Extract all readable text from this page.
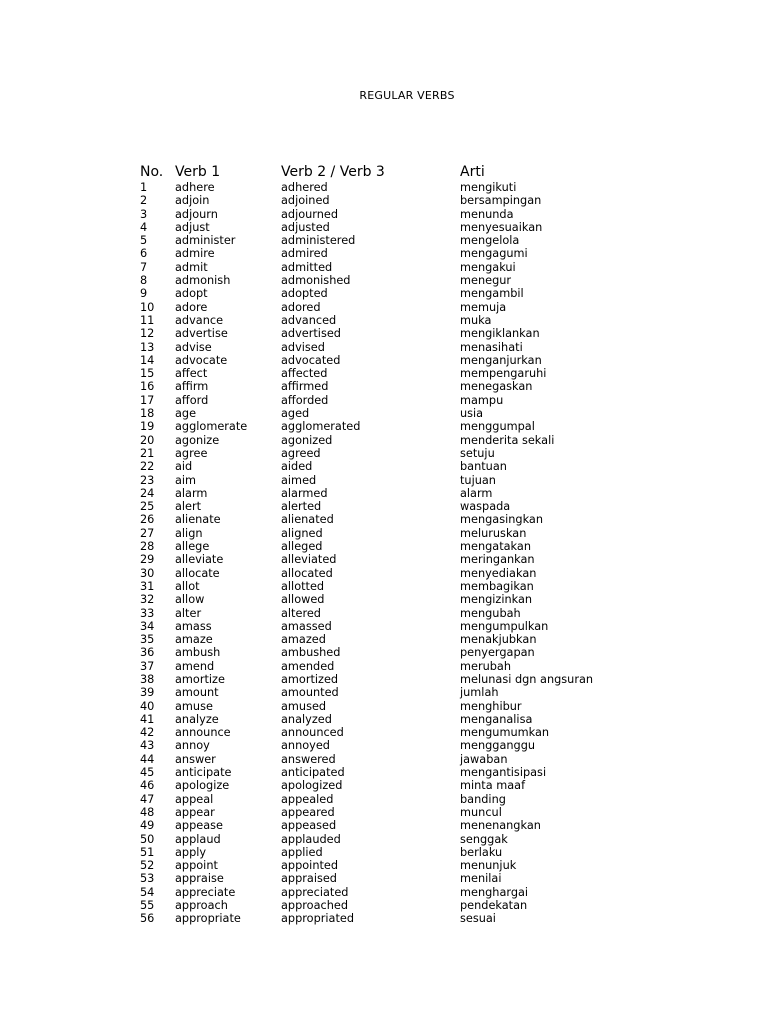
REGULAR VERBS
No. Verb 1	Verb 2 / Verb 3	Arti
1 adhere	adhered	mengikuti
2 adjoin	adjoined	bersampingan
3 adjourn	adjourned	menunda
4 adjust	adjusted	menyesuaikan
5 administer	administered	mengelola
6 admire	admired	mengagumi
7 admit	admitted	mengakui
8 admonish	admonished	menegur
9 adopt	adopted	mengambil
10 adore	adored	memuja
11 advance	advanced	muka
12 advertise	advertised	mengiklankan
13 advise	advised	menasihati
14 advocate	advocated	menganjurkan
15 affect	affected	mempengaruhi
16 affirm	affirmed	menegaskan
17 afford	afforded	mampu
18 age	aged	usia
19 agglomerate	agglomerated	menggumpal
20 agonize	agonized	menderita sekali
21 agree	agreed	setuju
22 aid	aided	bantuan
23 aim	aimed	tujuan
24 alarm	alarmed	alarm
25 alert	alerted	waspada
26 alienate	alienated	mengasingkan
27 align	aligned	meluruskan
28 allege	alleged	mengatakan
29 alleviate	alleviated	meringankan
30 allocate	allocated	menyediakan
31 allot	allotted	membagikan
32 allow	allowed	mengizinkan
33 alter	altered	mengubah
34 amass	amassed	mengumpulkan
35 amaze	amazed	menakjubkan
36 ambush	ambushed	penyergapan
37 amend	amended	merubah
38 amortize	amortized	melunasi dgn angsuran
39 amount	amounted	jumlah
40 amuse	amused	menghibur
41 analyze	analyzed	menganalisa
42 announce	announced	mengumumkan
43 annoy	annoyed	mengganggu
44 answer	answered	jawaban
45 anticipate	anticipated	mengantisipasi
46 apologize	apologized	minta maaf
47 appeal	appealed	banding
48 appear	appeared	muncul
49 appease	appeased	menenangkan
50 applaud	applauded	senggak
51 apply	applied	berlaku
52 appoint	appointed	menunjuk
53 appraise	appraised	menilai
54 appreciate	appreciated	menghargai
55 approach	approached	pendekatan
56 appropriate	appropriated	sesuai
